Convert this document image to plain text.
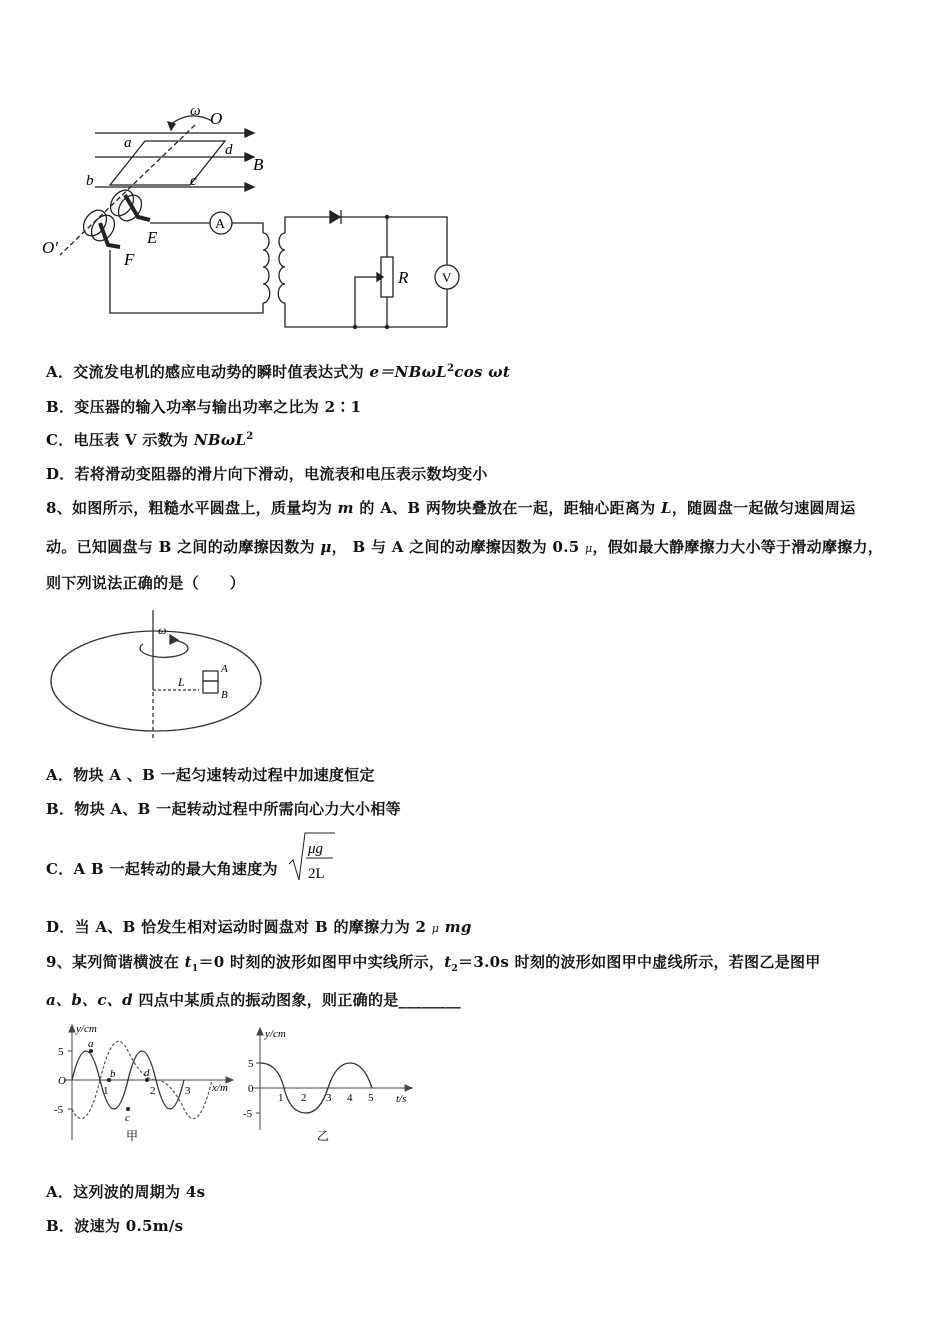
ω O
a	d
B
b	c
A
E
O′
F
R	V
A．交流发电机的感应电动势的瞬时值表达式为 e＝NBωL$^2$cos ωt
B．变压器的输入功率与输出功率之比为 2∶1
C．电压表 V 示数为 NBωL$^2$
D．若将滑动变阻器的滑片向下滑动，电流表和电压表示数均变小
8、如图所示，粗糙水平圆盘上，质量均为 m 的 A、B 两物块叠放在一起，距轴心距离为 L，随圆盘一起做匀速圆周运
动。已知圆盘与 B 之间的动摩擦因数为 μ， B 与 A 之间的动摩擦因数为 0.5 μ，假如最大静摩擦力大小等于滑动摩擦力，
则下列说法正确的是（　　）
ω
L
A
B
A．物块 A 、B 一起匀速转动过程中加速度恒定
B．物块 A、B 一起转动过程中所需向心力大小相等
C．A B 一起转动的最大角速度为
μg
2L
D．当 A、B 恰发生相对运动时圆盘对 B 的摩擦力为 2 μ mg
9、某列简谐横波在 $t_1=0$ 时刻的波形如图甲中实线所示，$t_2=3.0s$ 时刻的波形如图甲中虚线所示，若图乙是图甲
a、b、c、d 四点中某质点的振动图象，则正确的是________
y/cm
x/m
5
-5
O
1	2	3
a
b
c
d
甲
y/cm
t/s
5
-5
0
1 2 3 4 5
乙
A．这列波的周期为 4s
B．波速为 0.5m/s
